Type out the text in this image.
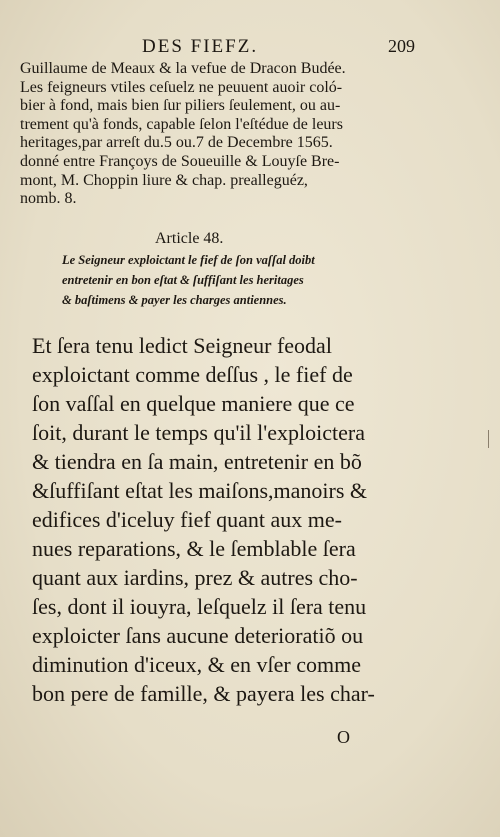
DES FIEFZ.	209
Guillaume de Meaux & la vefue de Dracon Budée.
Les feigneurs vtiles ceſuelz ne peuuent auoir coló-
bier à fond, mais bien ſur piliers ſeulement, ou au-
trement qu'à fonds, capable ſelon l'eſtédue de leurs
heritages,par arreſt du.5 ou.7 de Decembre 1565.
donné entre Françoys de Soueuille & Louyſe Bre-
mont, M. Choppin liure & chap. prealleguéz,
nomb. 8.
Article 48.
Le Seigneur exploictant le fief de ſon vaſſal doibt
entretenir en bon eſtat & ſuffiſant les heritages
& baſtimens & payer les charges antiennes.
Et ſera tenu ledict Seigneur feodal
exploictant comme deſſus , le fief de
ſon vaſſal en quelque maniere que ce
ſoit, durant le temps qu'il l'exploictera
& tiendra en ſa main, entretenir en bõ
&ſuffiſant eſtat les maiſons,manoirs &
edifices d'iceluy fief quant aux me-
nues reparations, & le ſemblable ſera
quant aux iardins, prez & autres cho-
ſes, dont il iouyra, leſquelz il ſera tenu
exploicter ſans aucune deterioratiõ ou
diminution d'iceux, & en vſer comme
bon pere de famille, & payera les char-
O
